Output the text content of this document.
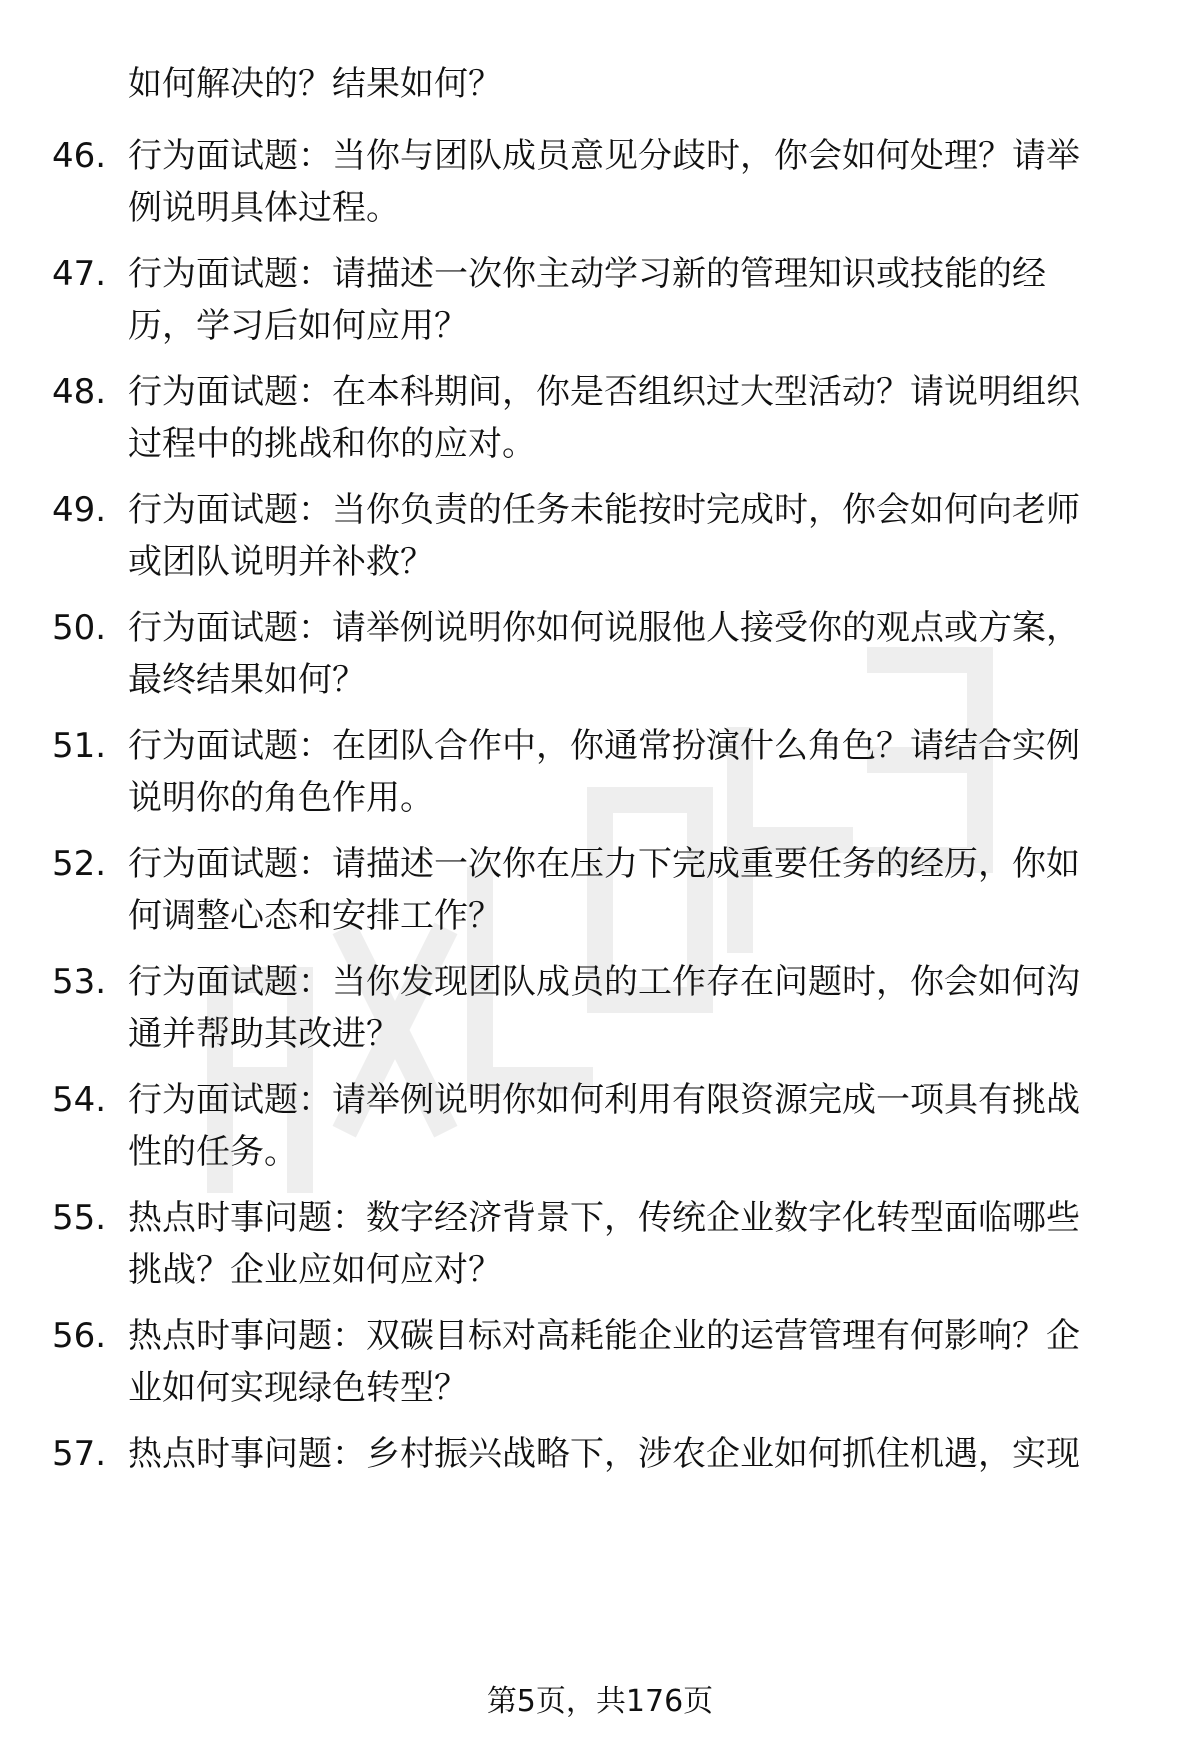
如何解决的？结果如何？
46. 行为面试题：当你与团队成员意见分歧时，你会如何处理？请举
例说明具体过程。
47. 行为面试题：请描述一次你主动学习新的管理知识或技能的经
历，学习后如何应用？
48. 行为面试题：在本科期间，你是否组织过大型活动？请说明组织
过程中的挑战和你的应对。
49. 行为面试题：当你负责的任务未能按时完成时，你会如何向老师
或团队说明并补救？
50. 行为面试题：请举例说明你如何说服他人接受你的观点或方案，
最终结果如何？
51. 行为面试题：在团队合作中，你通常扮演什么角色？请结合实例
说明你的角色作用。
52. 行为面试题：请描述一次你在压力下完成重要任务的经历，你如
何调整心态和安排工作？
53. 行为面试题：当你发现团队成员的工作存在问题时，你会如何沟
通并帮助其改进？
54. 行为面试题：请举例说明你如何利用有限资源完成一项具有挑战
性的任务。
55. 热点时事问题：数字经济背景下，传统企业数字化转型面临哪些
挑战？企业应如何应对？
56. 热点时事问题：双碳目标对高耗能企业的运营管理有何影响？企
业如何实现绿色转型？
57. 热点时事问题：乡村振兴战略下，涉农企业如何抓住机遇，实现
第5页，共176页
